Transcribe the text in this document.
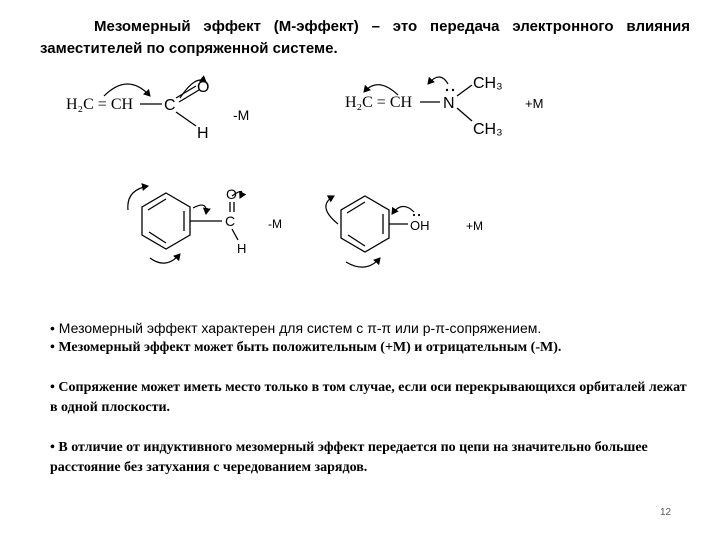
Мезомерный эффект (М-эффект) – это передача электронного влияния заместителей по сопряженной системе.
H₂C = CH C
O
H
-M
H₂C = CH N
CH₃
CH₃
+M
C
O
H
-M	OH	+M
• Мезомерный эффект характерен для систем с π-π или p-π-сопряжением.
• Мезомерный эффект может быть положительным (+М) и отрицательным (-М).
• Сопряжение может иметь место только в том случае, если оси перекрывающихся орбиталей лежат в одной плоскости.
• В отличие от индуктивного мезомерный эффект передается по цепи на значительно большее расстояние без затухания с чередованием зарядов.
12
